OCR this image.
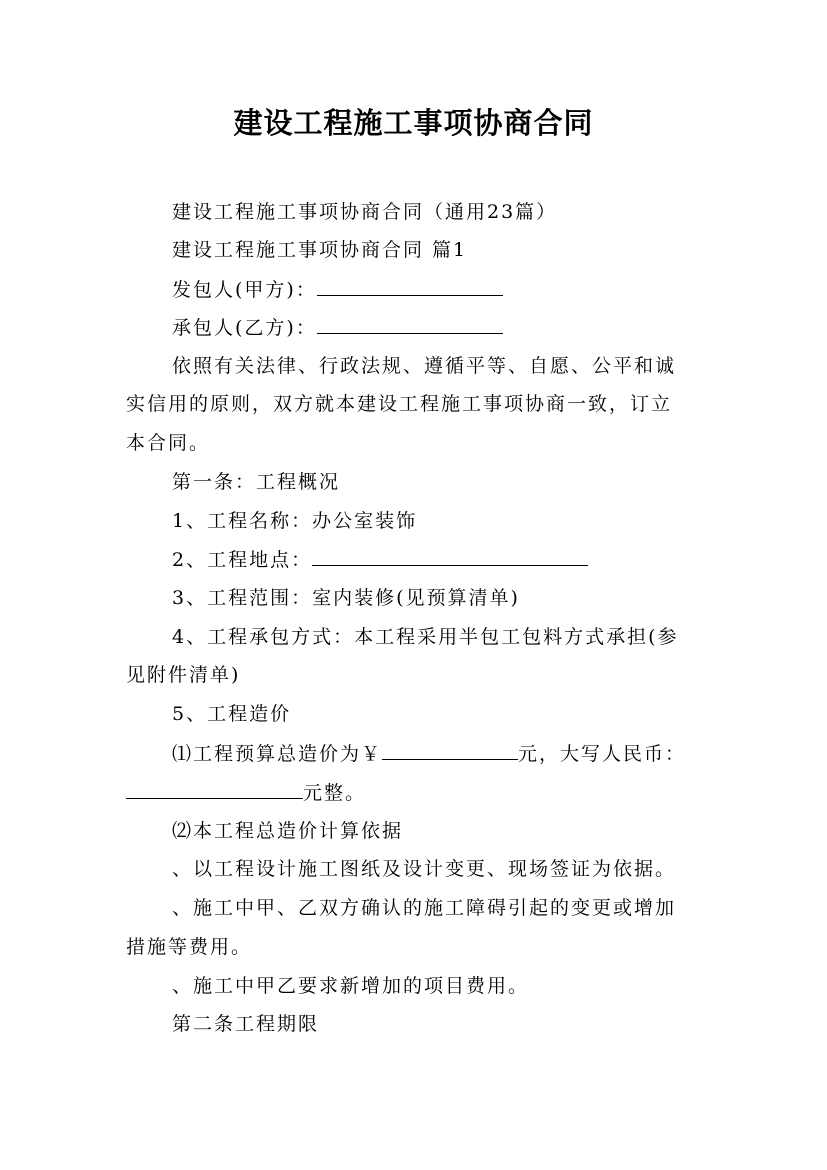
建设工程施工事项协商合同
建设工程施工事项协商合同（通用23篇）
建设工程施工事项协商合同 篇1
发包人(甲方)：
承包人(乙方)：
依照有关法律、行政法规、遵循平等、自愿、公平和诚
实信用的原则，双方就本建设工程施工事项协商一致，订立
本合同。
第一条：工程概况
1、工程名称：办公室装饰
2、工程地点：
3、工程范围：室内装修(见预算清单)
4、工程承包方式：本工程采用半包工包料方式承担(参
见附件清单)
5、工程造价
⑴工程预算总造价为￥	元，大写人民币：
元整。
⑵本工程总造价计算依据
、以工程设计施工图纸及设计变更、现场签证为依据。
、施工中甲、乙双方确认的施工障碍引起的变更或增加
措施等费用。
、施工中甲乙要求新增加的项目费用。
第二条工程期限
